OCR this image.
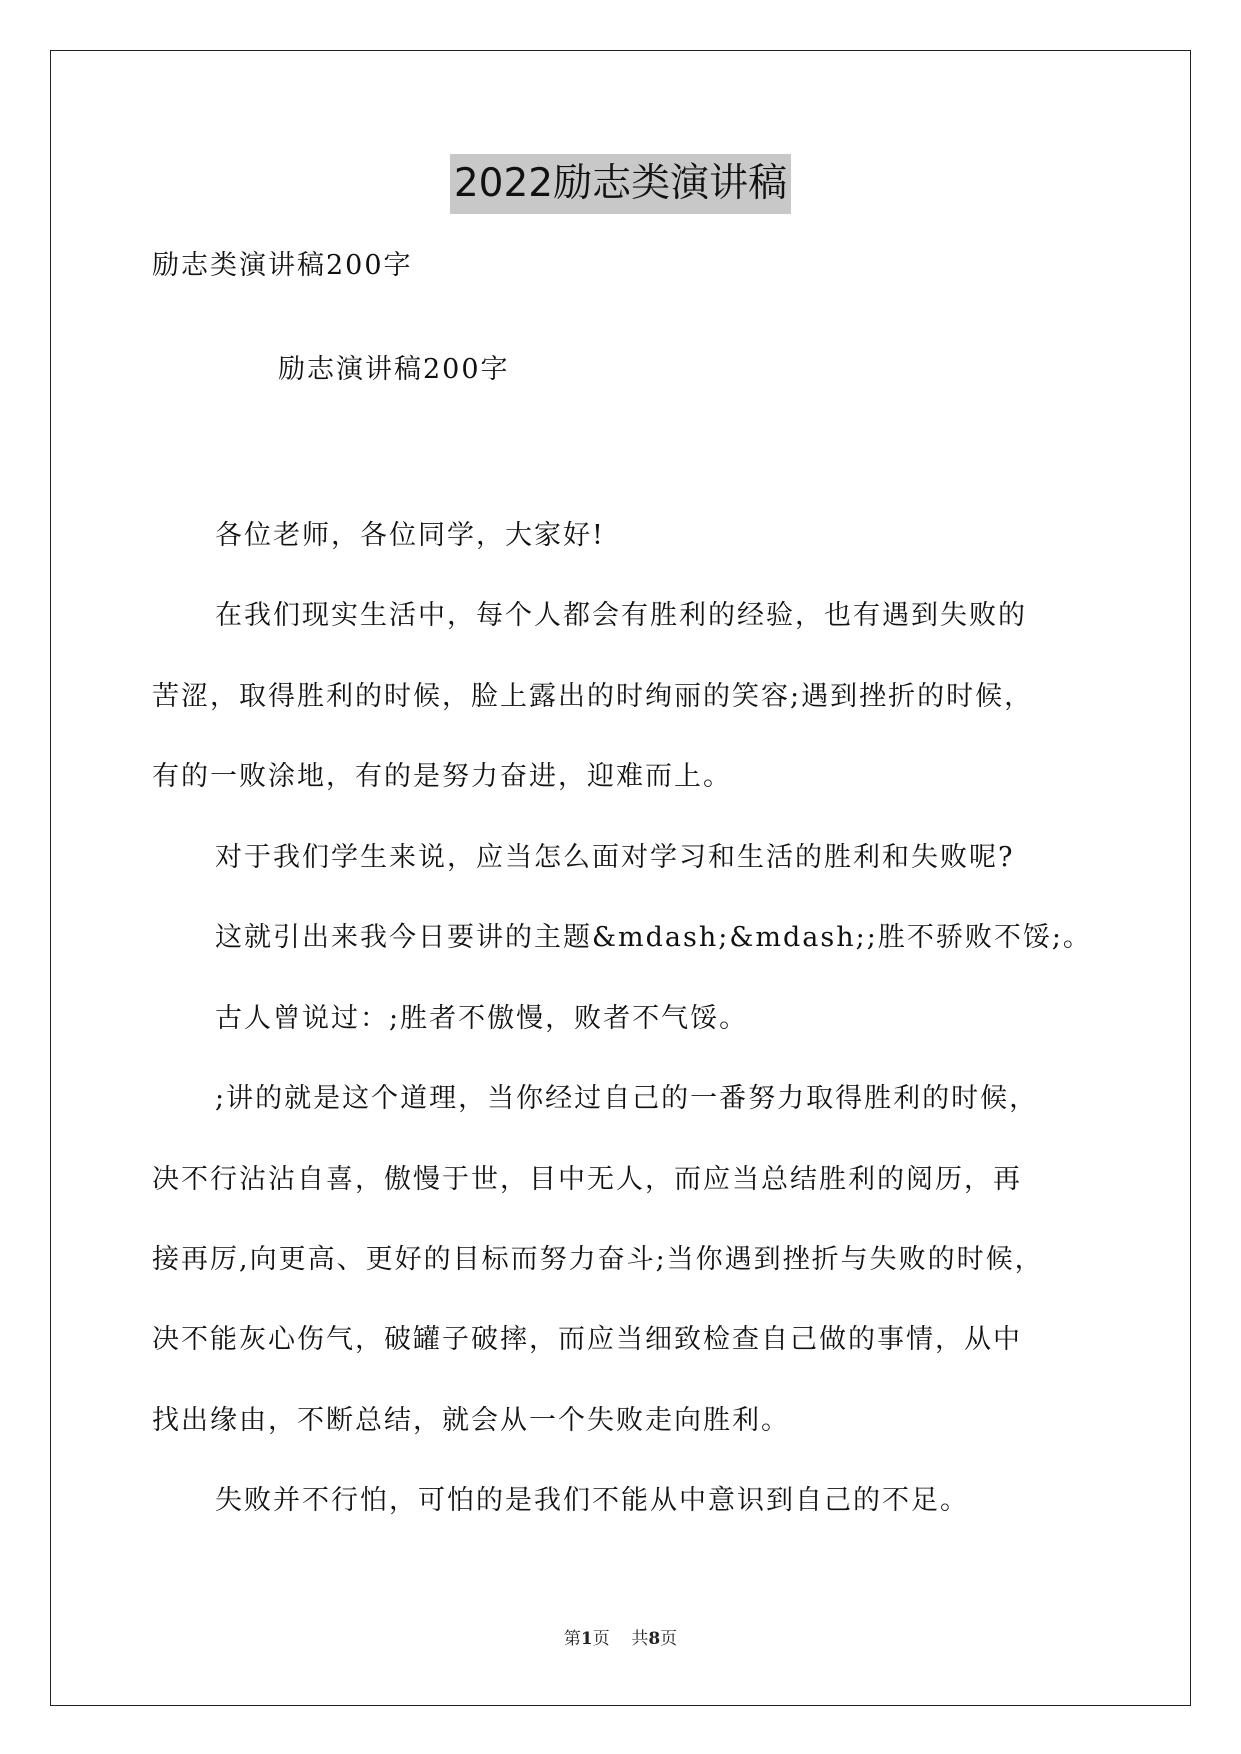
2022励志类演讲稿
励志类演讲稿200字
励志演讲稿200字
各位老师，各位同学，大家好!
在我们现实生活中，每个人都会有胜利的经验，也有遇到失败的
苦涩，取得胜利的时候，脸上露出的时绚丽的笑容;遇到挫折的时候，
有的一败涂地，有的是努力奋进，迎难而上。
对于我们学生来说，应当怎么面对学习和生活的胜利和失败呢?
这就引出来我今日要讲的主题&mdash;&mdash;;胜不骄败不馁;。
古人曾说过：;胜者不傲慢，败者不气馁。
;讲的就是这个道理，当你经过自己的一番努力取得胜利的时候，
决不行沾沾自喜，傲慢于世，目中无人，而应当总结胜利的阅历，再
接再厉,向更高、更好的目标而努力奋斗;当你遇到挫折与失败的时候，
决不能灰心伤气，破罐子破摔，而应当细致检查自己做的事情，从中
找出缘由，不断总结，就会从一个失败走向胜利。
失败并不行怕，可怕的是我们不能从中意识到自己的不足。
第1页 共8页
